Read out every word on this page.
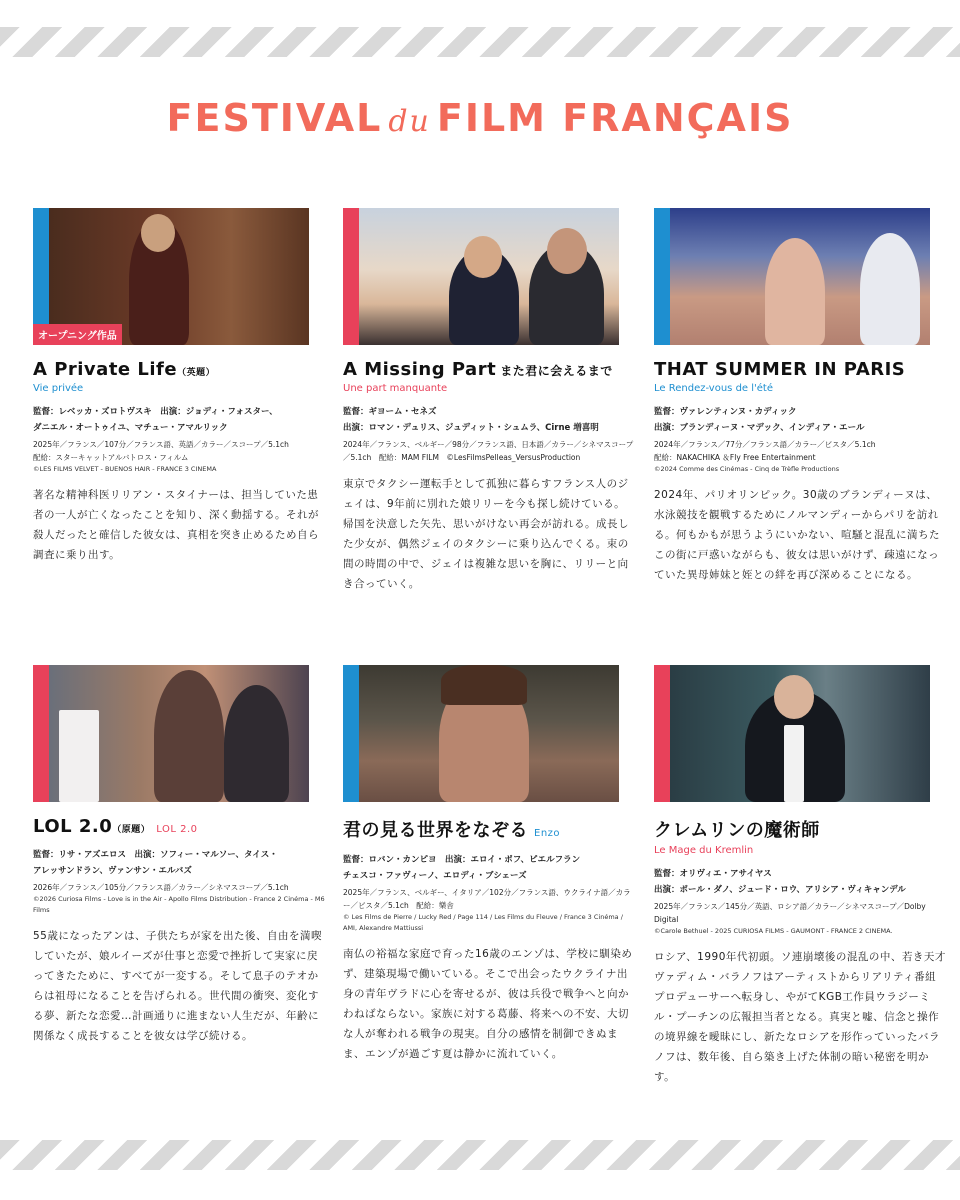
FESTIVAL du FILM FRANÇAIS
オープニング作品
A Private Life（英題）
Vie privée
監督：レベッカ・ズロトヴスキ　出演：ジョディ・フォスター、
ダニエル・オートゥイユ、マチュー・アマルリック
2025年／フランス／107分／フランス語、英語／カラー／スコープ／5.1ch
配給：スターキャットアルバトロス・フィルム
©LES FILMS VELVET - BUENOS HAIR - FRANCE 3 CINEMA
著名な精神科医リリアン・スタイナーは、担当していた患者の一人が亡くなったことを知り、深く動揺する。それが殺人だったと確信した彼女は、真相を突き止めるため自ら調査に乗り出す。
A Missing Part また君に会えるまで
Une part manquante
監督：ギヨーム・セネズ
出演：ロマン・デュリス、ジュディット・シュムラ、Cirne 増喜明
2024年／フランス、ベルギー／98分／フランス語、日本語／カラー／シネマスコープ／5.1ch　配給：MAM FILM　©LesFilmsPelleas_VersusProduction
東京でタクシー運転手として孤独に暮らすフランス人のジェイは、9年前に別れた娘リリーを今も探し続けている。帰国を決意した矢先、思いがけない再会が訪れる。成長した少女が、偶然ジェイのタクシーに乗り込んでくる。束の間の時間の中で、ジェイは複雑な思いを胸に、リリーと向き合っていく。
THAT SUMMER IN PARIS
Le Rendez-vous de l'été
監督：ヴァレンティンヌ・カディック
出演：ブランディーヌ・マデック、インディア・エール
2024年／フランス／77分／フランス語／カラー／ビスタ／5.1ch
配給：NAKACHIKA ＆Fly Free Entertainment
©2024 Comme des Cinémas - Cinq de Trèfle Productions
2024年、パリオリンピック。30歳のブランディーヌは、水泳競技を観戦するためにノルマンディーからパリを訪れる。何もかもが思うようにいかない、喧騒と混乱に満ちたこの街に戸惑いながらも、彼女は思いがけず、疎遠になっていた異母姉妹と姪との絆を再び深めることになる。
LOL 2.0（原題） LOL 2.0
監督：リサ・アズエロス　出演：ソフィー・マルソー、タイス・
アレッサンドラン、ヴァンサン・エルバズ
2026年／フランス／105分／フランス語／カラー／シネマスコープ／5.1ch
©2026 Curiosa Films - Love is in the Air - Apollo Films Distribution - France 2 Cinéma - M6 Films
55歳になったアンは、子供たちが家を出た後、自由を満喫していたが、娘ルイーズが仕事と恋愛で挫折して実家に戻ってきたために、すべてが一変する。そして息子のテオからは祖母になることを告げられる。世代間の衝突、変化する夢、新たな恋愛…計画通りに進まない人生だが、年齢に関係なく成長することを彼女は学び続ける。
君の見る世界をなぞる Enzo
監督：ロバン・カンピヨ　出演：エロイ・ポフ、ピエルフラン
チェスコ・ファヴィーノ、エロディ・ブシェーズ
2025年／フランス、ベルギー、イタリア／102分／フランス語、ウクライナ語／カラー／ビスタ／5.1ch　配給：樂舎
© Les Films de Pierre / Lucky Red / Page 114 / Les Films du Fleuve / France 3 Cinéma / AMI, Alexandre Mattiussi
南仏の裕福な家庭で育った16歳のエンゾは、学校に馴染めず、建築現場で働いている。そこで出会ったウクライナ出身の青年ヴラドに心を寄せるが、彼は兵役で戦争へと向かわねばならない。家族に対する葛藤、将来への不安、大切な人が奪われる戦争の現実。自分の感情を制御できぬまま、エンゾが過ごす夏は静かに流れていく。
クレムリンの魔術師
Le Mage du Kremlin
監督：オリヴィエ・アサイヤス
出演：ポール・ダノ、ジュード・ロウ、アリシア・ヴィキャンデル
2025年／フランス／145分／英語、ロシア語／カラー／シネマスコープ／Dolby Digital
©Carole Bethuel - 2025 CURIOSA FILMS - GAUMONT - FRANCE 2 CINEMA.
ロシア、1990年代初頭。ソ連崩壊後の混乱の中、若き天才ヴァディム・バラノフはアーティストからリアリティ番組プロデューサーへ転身し、やがてKGB工作員ウラジーミル・プーチンの広報担当者となる。真実と嘘、信念と操作の境界線を曖昧にし、新たなロシアを形作っていったバラノフは、数年後、自ら築き上げた体制の暗い秘密を明かす。
